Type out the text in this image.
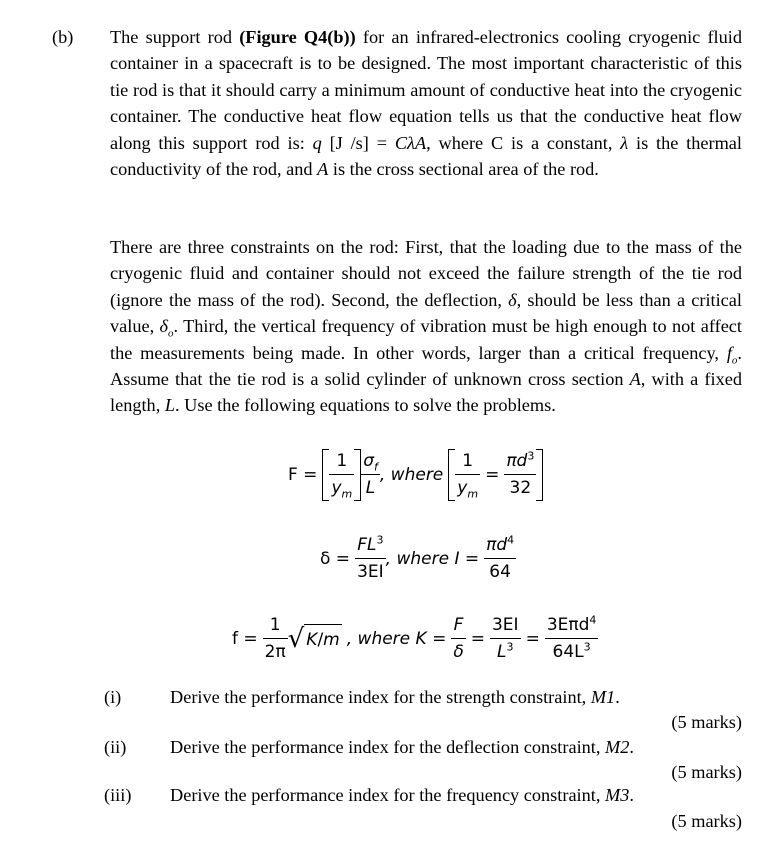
(b) The support rod (Figure Q4(b)) for an infrared-electronics cooling cryogenic fluid container in a spacecraft is to be designed. The most important characteristic of this tie rod is that it should carry a minimum amount of conductive heat into the cryogenic container. The conductive heat flow equation tells us that the conductive heat flow along this support rod is: q [J /s] = CλA, where C is a constant, λ is the thermal conductivity of the rod, and A is the cross sectional area of the rod.
There are three constraints on the rod: First, that the loading due to the mass of the cryogenic fluid and container should not exceed the failure strength of the tie rod (ignore the mass of the rod). Second, the deflection, δ, should be less than a critical value, $\delta_o$. Third, the vertical frequency of vibration must be high enough to not affect the measurements being made. In other words, larger than a critical frequency, $f_o$. Assume that the tie rod is a solid cylinder of unknown cross section A, with a fixed length, L. Use the following equations to solve the problems.
$F = \frac{1}{y_m} \frac{\sigma_f}{L}$ , where $\frac{1}{y_m} = \frac{\pi d^3}{32}$
$\delta = \frac{FL^3}{3EI}$ , where $I = \frac{\pi d^4}{64}$
$f = \frac{1}{2\pi}$ √ K / m , where $K = \frac{F}{\delta} = \frac{3EI}{L^3} = \frac{3E\pi d^4}{64L^3}$
(i)	Derive the performance index for the strength constraint, M1.
(5 marks)
(ii) Derive the performance index for the deflection constraint, M2.
(5 marks)
(iii) Derive the performance index for the frequency constraint, M3.
(5 marks)
